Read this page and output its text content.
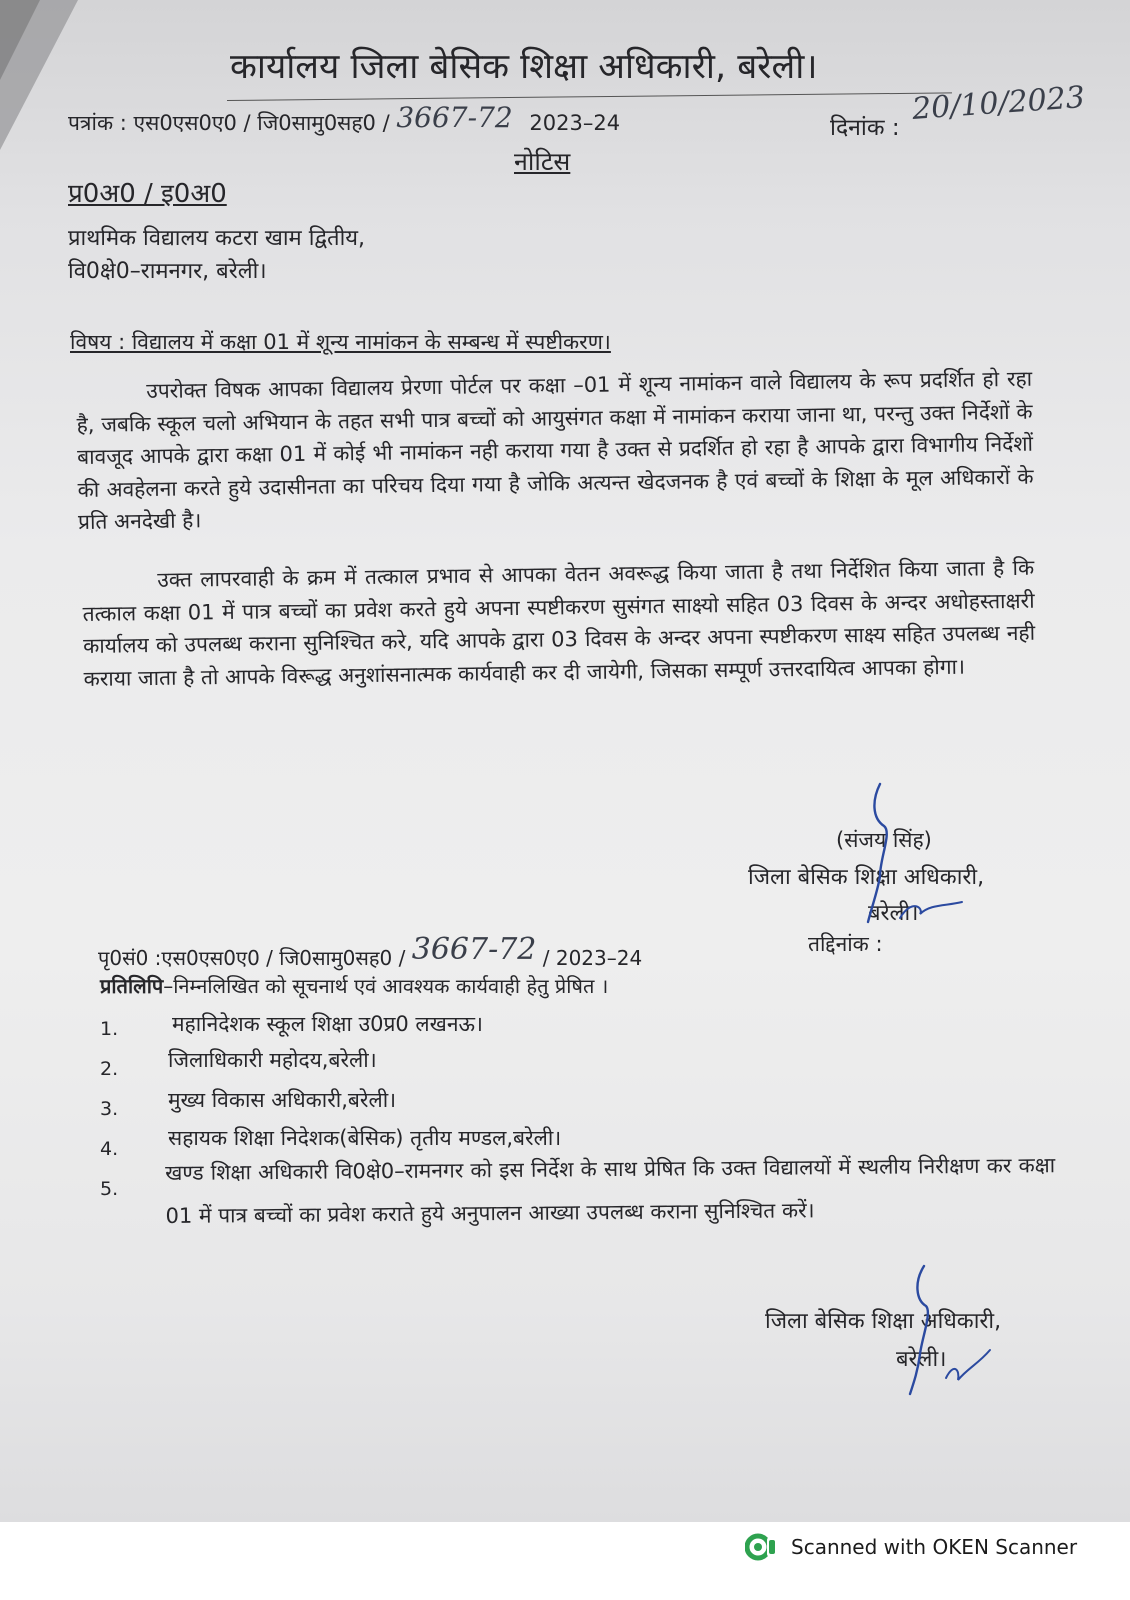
कार्यालय जिला बेसिक शिक्षा अधिकारी, बरेली।
पत्रांक : एस0एस0ए0 / जि0सामु0सह0 / 3667-72 2023–24	दिनांक :
20/10/2023
नोटिस
प्र0अ0 / इ0अ0
प्राथमिक विद्यालय कटरा खाम द्वितीय,
वि0क्षे0–रामनगर, बरेली।
विषय : विद्यालय में कक्षा 01 में शून्य नामांकन के सम्बन्ध में स्पष्टीकरण।
उपरोक्त विषक आपका विद्यालय प्रेरणा पोर्टल पर कक्षा –01 में शून्य नामांकन वाले विद्यालय के रूप प्रदर्शित हो रहा है, जबकि स्कूल चलो अभियान के तहत सभी पात्र बच्चों को आयुसंगत कक्षा में नामांकन कराया जाना था, परन्तु उक्त निर्देशों के बावजूद आपके द्वारा कक्षा 01 में कोई भी नामांकन नही कराया गया है उक्त से प्रदर्शित हो रहा है आपके द्वारा विभागीय निर्देशों की अवहेलना करते हुये उदासीनता का परिचय दिया गया है जोकि अत्यन्त खेदजनक है एवं बच्चों के शिक्षा के मूल अधिकारों के प्रति अनदेखी है।
उक्त लापरवाही के क्रम में तत्काल प्रभाव से आपका वेतन अवरूद्ध किया जाता है तथा निर्देशित किया जाता है कि तत्काल कक्षा 01 में पात्र बच्चों का प्रवेश करते हुये अपना स्पष्टीकरण सुसंगत साक्ष्यो सहित 03 दिवस के अन्दर अधोहस्ताक्षरी कार्यालय को उपलब्ध कराना सुनिश्चित करे, यदि आपके द्वारा 03 दिवस के अन्दर अपना स्पष्टीकरण साक्ष्य सहित उपलब्ध नही कराया जाता है तो आपके विरूद्ध अनुशांसनात्मक कार्यवाही कर दी जायेगी, जिसका सम्पूर्ण उत्तरदायित्व आपका होगा।
(संजय सिंह)
जिला बेसिक शिक्षा अधिकारी,
बरेली।
पृ0सं0 :एस0एस0ए0 / जि0सामु0सह0 / 3667-72 / 2023–24
तद्दिनांक :
प्रतिलिपि–निम्नलिखित को सूचनार्थ एवं आवश्यक कार्यवाही हेतु प्रेषित ।
1.	महानिदेशक स्कूल शिक्षा उ0प्र0 लखनऊ।
2. जिलाधिकारी महोदय,बरेली।
3. मुख्य विकास अधिकारी,बरेली।
4. सहायक शिक्षा निदेशक(बेसिक) तृतीय मण्डल,बरेली।
5.
खण्ड शिक्षा अधिकारी वि0क्षे0–रामनगर को इस निर्देश के साथ प्रेषित कि उक्त विद्यालयों में स्थलीय निरीक्षण कर कक्षा 01 में पात्र बच्चों का प्रवेश कराते हुये अनुपालन आख्या उपलब्ध कराना सुनिश्चित करें।
जिला बेसिक शिक्षा अधिकारी,
बरेली।
Scanned with OKEN Scanner
